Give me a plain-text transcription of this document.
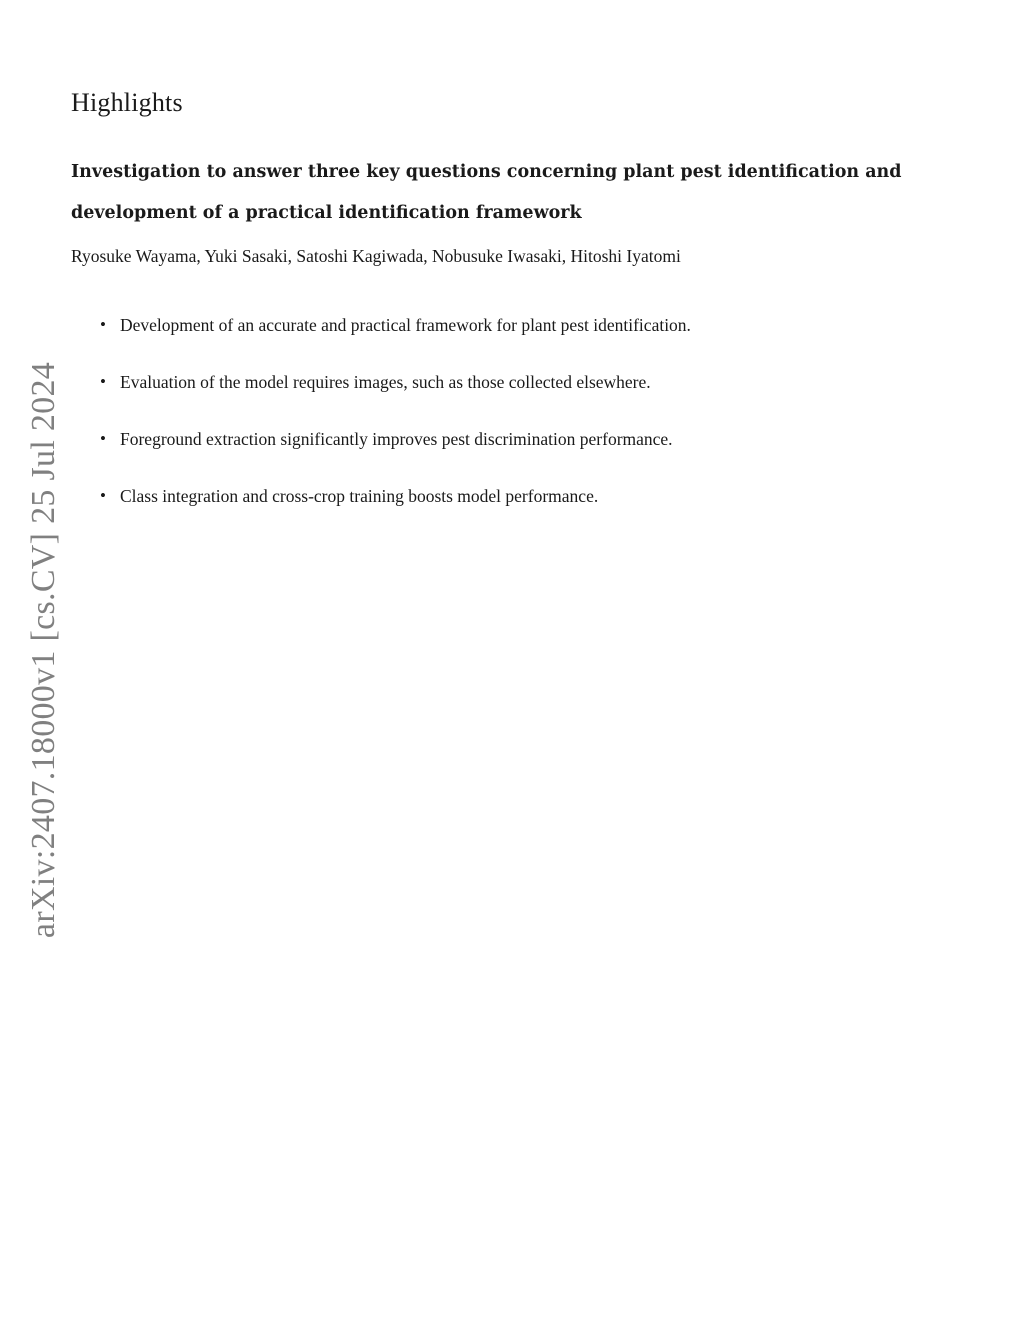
arXiv:2407.18000v1 [cs.CV] 25 Jul 2024
Highlights

Investigation to answer three key questions concerning plant pest identification and development of a practical identification framework

Ryosuke Wayama, Yuki Sasaki, Satoshi Kagiwada, Nobusuke Iwasaki, Hitoshi Iyatomi

• Development of an accurate and practical framework for plant pest identification.
• Evaluation of the model requires images, such as those collected elsewhere.
• Foreground extraction significantly improves pest discrimination performance.
• Class integration and cross-crop training boosts model performance.
